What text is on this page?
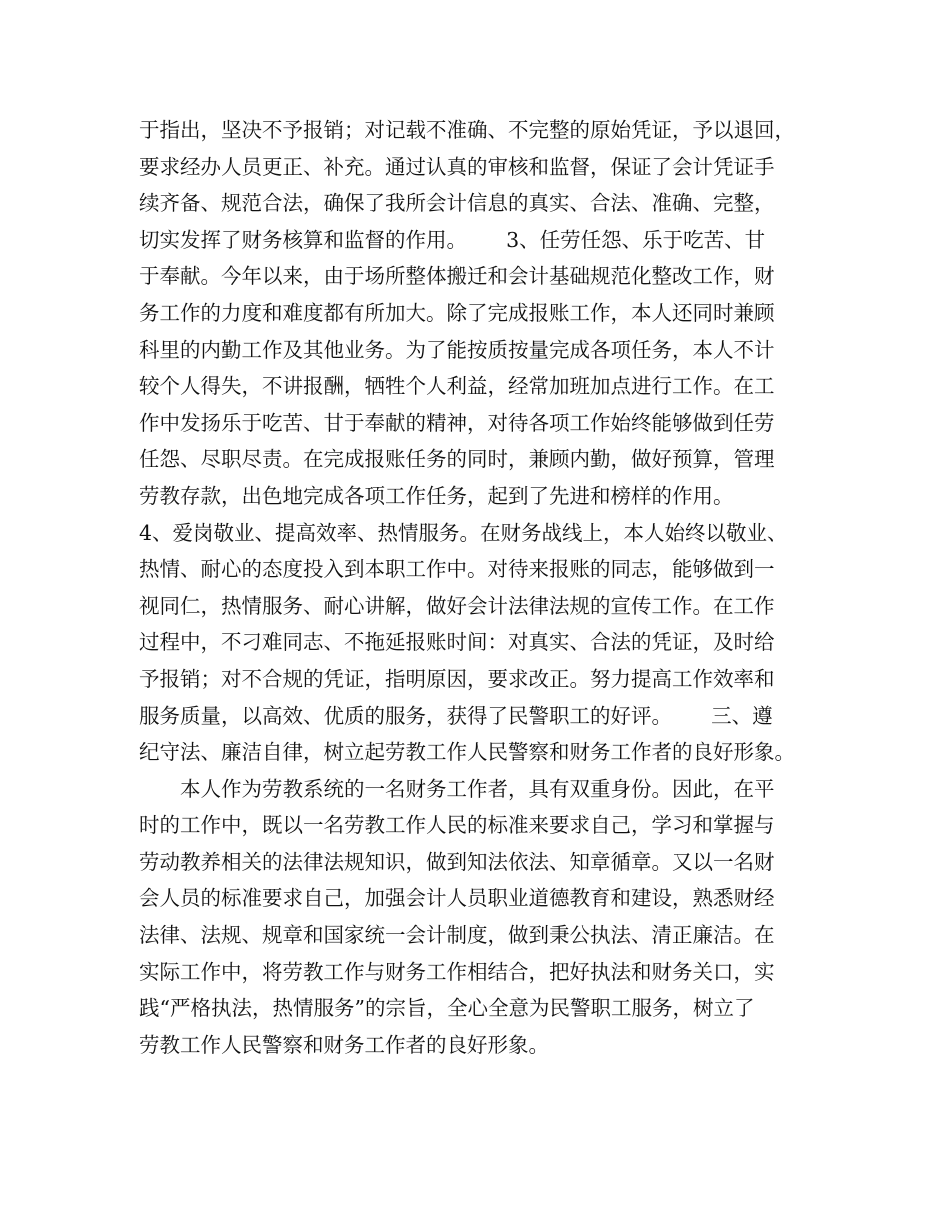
于指出，坚决不予报销；对记载不准确、不完整的原始凭证，予以退回，
要求经办人员更正、补充。通过认真的审核和监督，保证了会计凭证手
续齐备、规范合法，确保了我所会计信息的真实、合法、准确、完整，
切实发挥了财务核算和监督的作用。      3、任劳任怨、乐于吃苦、甘
于奉献。今年以来，由于场所整体搬迁和会计基础规范化整改工作，财
务工作的力度和难度都有所加大。除了完成报账工作，本人还同时兼顾
科里的内勤工作及其他业务。为了能按质按量完成各项任务，本人不计
较个人得失，不讲报酬，牺牲个人利益，经常加班加点进行工作。在工
作中发扬乐于吃苦、甘于奉献的精神，对待各项工作始终能够做到任劳
任怨、尽职尽责。在完成报账任务的同时，兼顾内勤，做好预算，管理
劳教存款，出色地完成各项工作任务，起到了先进和榜样的作用。
4、爱岗敬业、提高效率、热情服务。在财务战线上，本人始终以敬业、
热情、耐心的态度投入到本职工作中。对待来报账的同志，能够做到一
视同仁，热情服务、耐心讲解，做好会计法律法规的宣传工作。在工作
过程中，不刁难同志、不拖延报账时间：对真实、合法的凭证，及时给
予报销；对不合规的凭证，指明原因，要求改正。努力提高工作效率和
服务质量，以高效、优质的服务，获得了民警职工的好评。      三、遵
纪守法、廉洁自律，树立起劳教工作人民警察和财务工作者的良好形象。
本人作为劳教系统的一名财务工作者，具有双重身份。因此，在平
时的工作中，既以一名劳教工作人民的标准来要求自己，学习和掌握与
劳动教养相关的法律法规知识，做到知法依法、知章循章。又以一名财
会人员的标准要求自己，加强会计人员职业道德教育和建设，熟悉财经
法律、法规、规章和国家统一会计制度，做到秉公执法、清正廉洁。在
实际工作中，将劳教工作与财务工作相结合，把好执法和财务关口，实
践“严格执法，热情服务”的宗旨，全心全意为民警职工服务，树立了
劳教工作人民警察和财务工作者的良好形象。
